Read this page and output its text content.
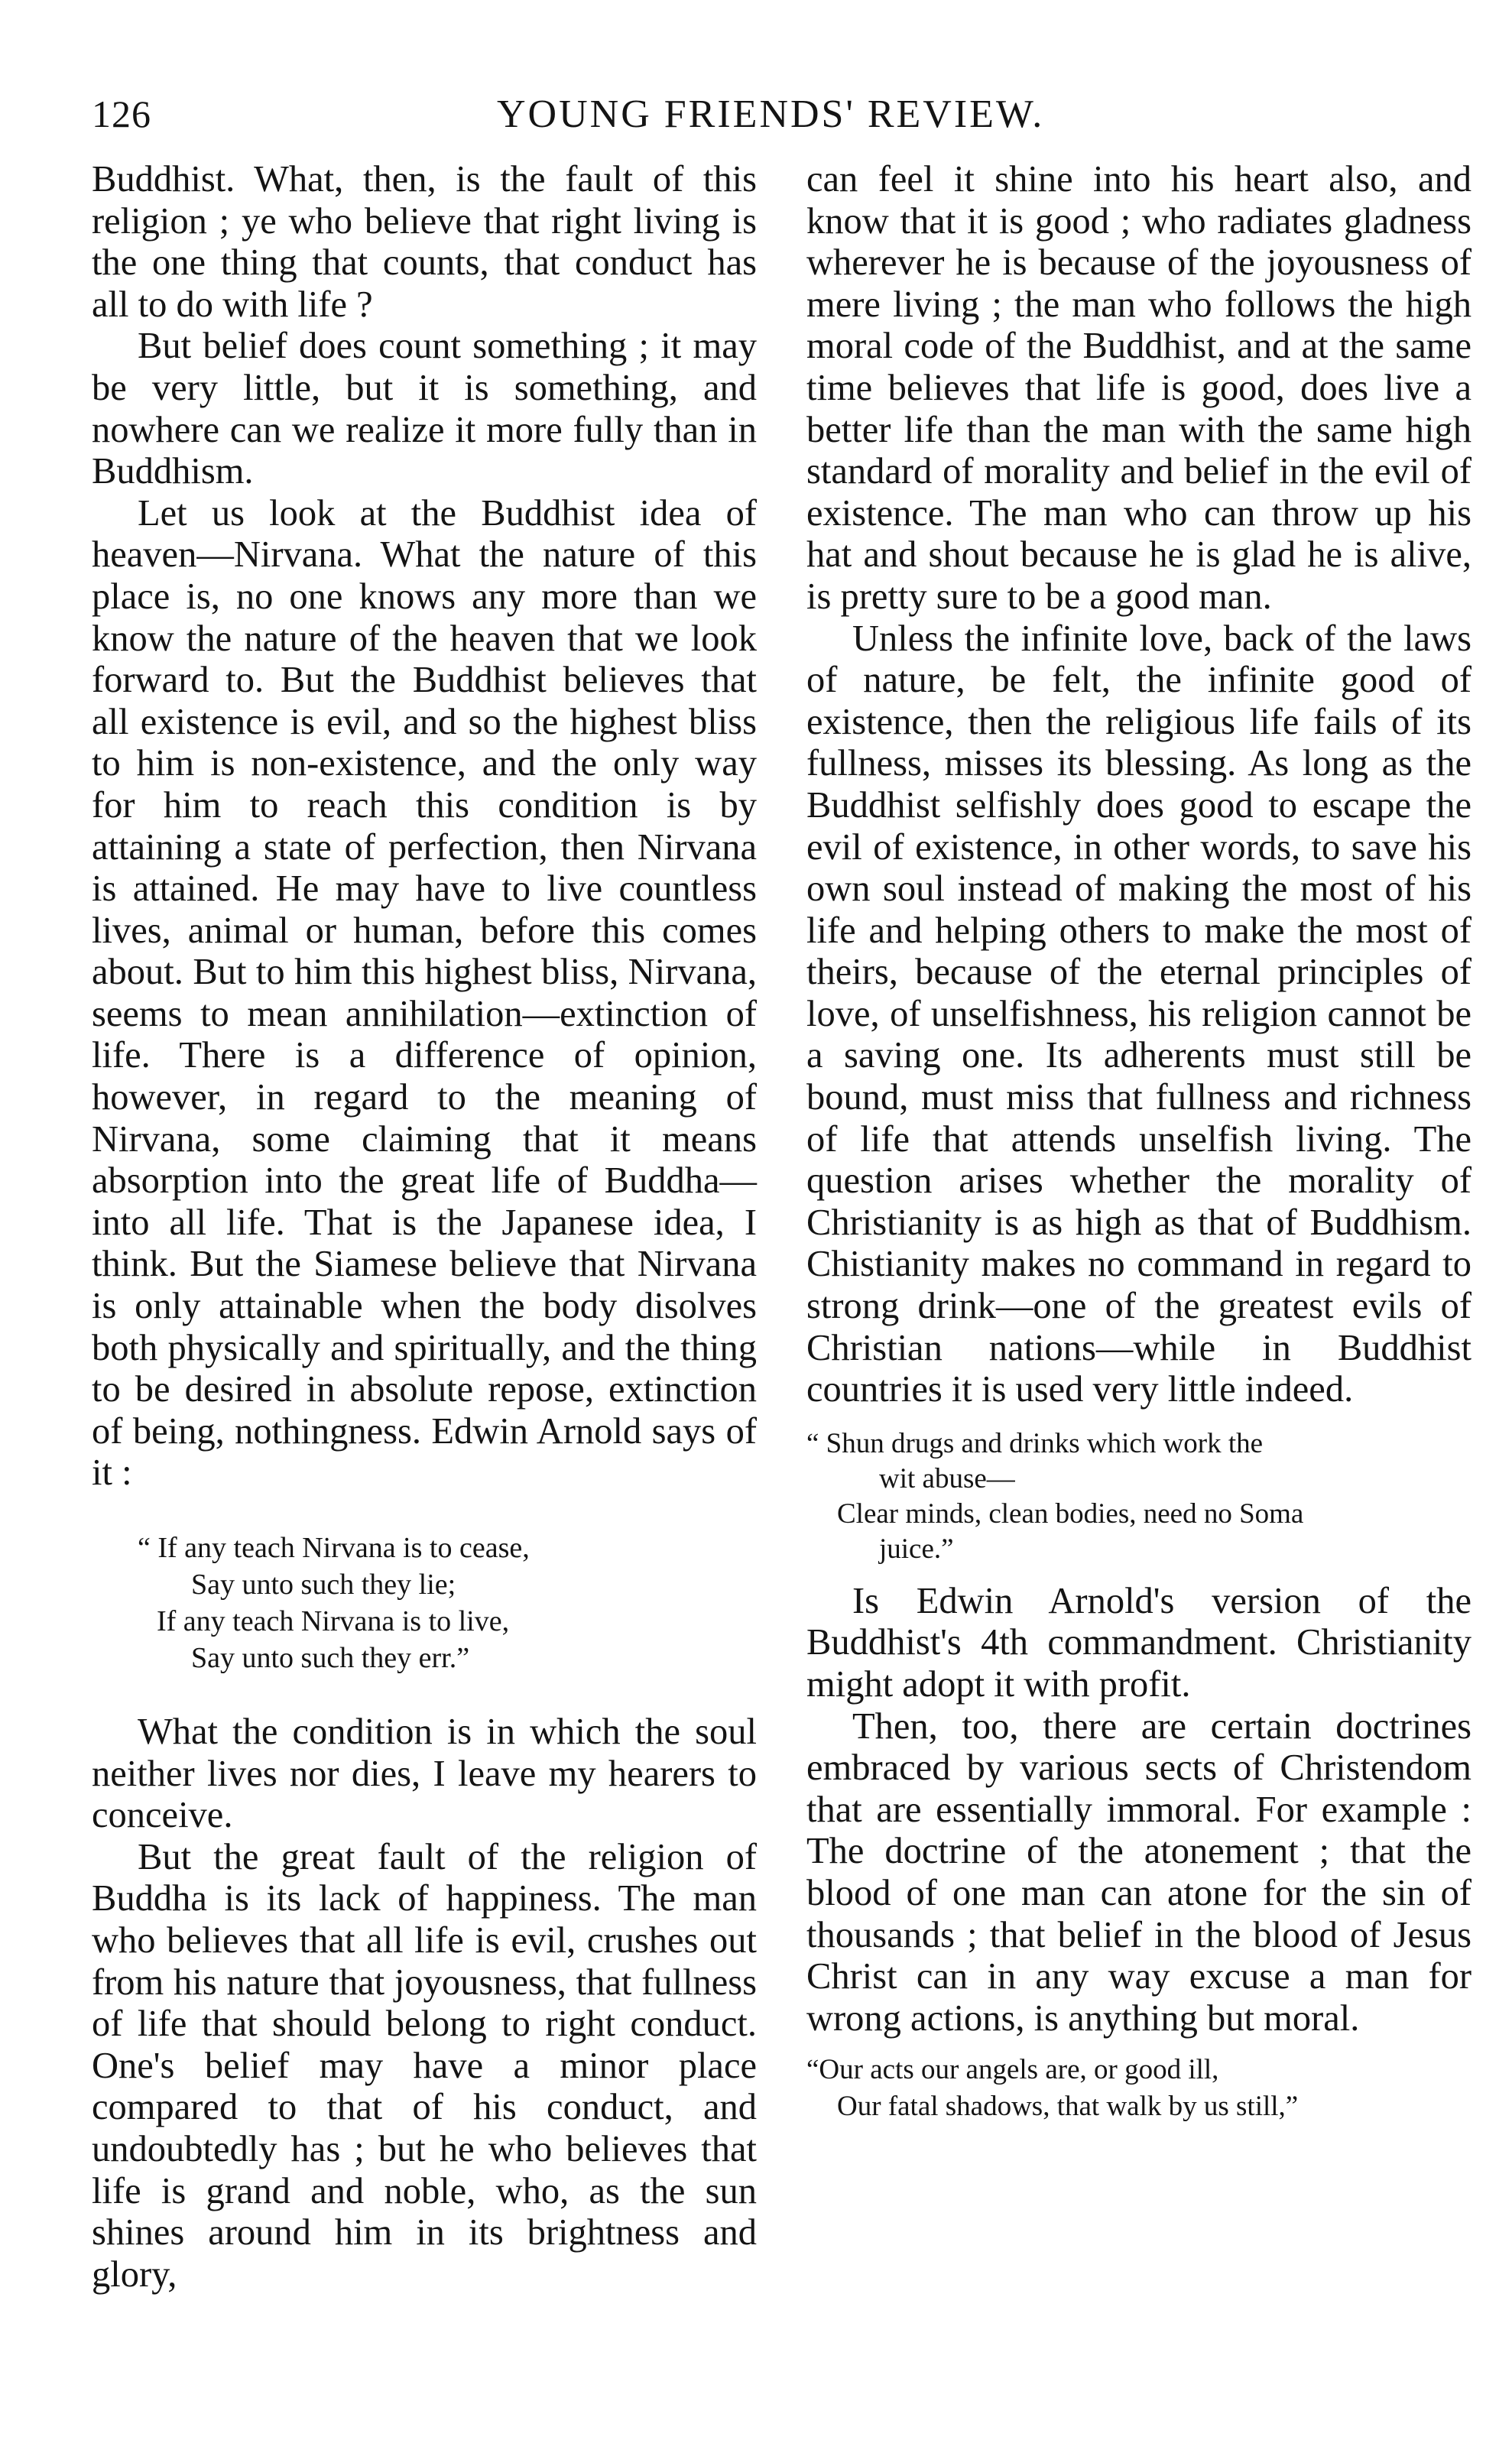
126	YOUNG FRIENDS' REVIEW.

Buddhist. What, then, is the fault of this religion ; ye who believe that right living is the one thing that counts, that conduct has all to do with life ?

But belief does count something ; it may be very little, but it is something, and nowhere can we realize it more fully than in Buddhism.

Let us look at the Buddhist idea of heaven—Nirvana. What the nature of this place is, no one knows any more than we know the nature of the heaven that we look forward to. But the Buddhist believes that all existence is evil, and so the highest bliss to him is non-existence, and the only way for him to reach this condition is by attaining a state of perfection, then Nirvana is attained. He may have to live countless lives, animal or human, before this comes about. But to him this highest bliss, Nirvana, seems to mean annihilation—extinction of life. There is a difference of opinion, however, in regard to the meaning of Nirvana, some claiming that it means absorption into the great life of Buddha—into all life. That is the Japanese idea, I think. But the Siamese believe that Nirvana is only attainable when the body disolves both physically and spiritually, and the thing to be desired in absolute repose, extinction of being, nothingness. Edwin Arnold says of it :

“ If any teach Nirvana is to cease,
Say unto such they lie;
If any teach Nirvana is to live,
Say unto such they err.”

What the condition is in which the soul neither lives nor dies, I leave my hearers to conceive.

But the great fault of the religion of Buddha is its lack of happiness. The man who believes that all life is evil, crushes out from his nature that joyousness, that fullness of life that should belong to right conduct. One's belief may have a minor place compared to that of his conduct, and undoubtedly has ; but he who believes that life is grand and noble, who, as the sun shines around him in its brightness and glory,

can feel it shine into his heart also, and know that it is good ; who radiates gladness wherever he is because of the joyousness of mere living ; the man who follows the high moral code of the Buddhist, and at the same time believes that life is good, does live a better life than the man with the same high standard of morality and belief in the evil of existence. The man who can throw up his hat and shout because he is glad he is alive, is pretty sure to be a good man.

Unless the infinite love, back of the laws of nature, be felt, the infinite good of existence, then the religious life fails of its fullness, misses its blessing. As long as the Buddhist selfishly does good to escape the evil of existence, in other words, to save his own soul instead of making the most of his life and helping others to make the most of theirs, because of the eternal principles of love, of unselfishness, his religion cannot be a saving one. Its adherents must still be bound, must miss that fullness and richness of life that attends unselfish living. The question arises whether the morality of Christianity is as high as that of Buddhism. Chistianity makes no command in regard to strong drink—one of the greatest evils of Christian nations—while in Buddhist countries it is used very little indeed.

“ Shun drugs and drinks which work the
wit abuse—
Clear minds, clean bodies, need no Soma
juice.”

Is Edwin Arnold's version of the Buddhist's 4th commandment. Christianity might adopt it with profit.

Then, too, there are certain doctrines embraced by various sects of Christendom that are essentially immoral. For example : The doctrine of the atonement ; that the blood of one man can atone for the sin of thousands ; that belief in the blood of Jesus Christ can in any way excuse a man for wrong actions, is anything but moral.

“Our acts our angels are, or good ill,
Our fatal shadows, that walk by us still,”
